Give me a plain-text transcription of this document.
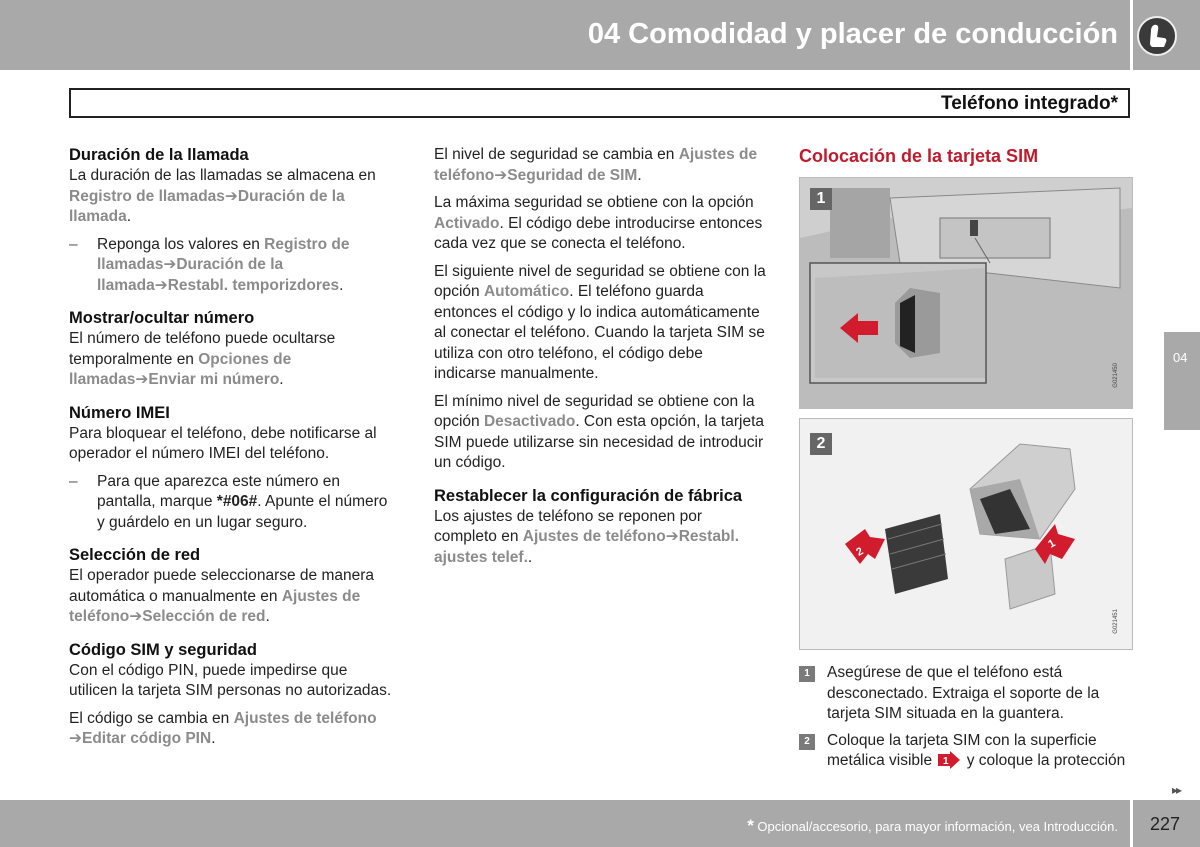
04 Comodidad y placer de conducción
Teléfono integrado*
Duración de la llamada

La duración de las llamadas se almacena en Registro de llamadas➔Duración de la llamada.

–	Reponga los valores en Registro de llamadas➔Duración de la llamada➔Restabl. temporizdores.
Mostrar/ocultar número

El número de teléfono puede ocultarse temporalmente en Opciones de llamadas➔Enviar mi número.

Número IMEI

Para bloquear el teléfono, debe notificarse al operador el número IMEI del teléfono.

–	Para que aparezca este número en pantalla, marque *#06#. Apunte el número y guárdelo en un lugar seguro.
Selección de red

El operador puede seleccionarse de manera automática o manualmente en Ajustes de teléfono➔Selección de red.

Código SIM y seguridad

Con el código PIN, puede impedirse que utilicen la tarjeta SIM personas no autorizadas.

El código se cambia en Ajustes de teléfono
➔Editar código PIN.

El nivel de seguridad se cambia en Ajustes de teléfono➔Seguridad de SIM.

La máxima seguridad se obtiene con la opción Activado. El código debe introducirse entonces cada vez que se conecta el teléfono.

El siguiente nivel de seguridad se obtiene con la opción Automático. El teléfono guarda entonces el código y lo indica automáticamente al conectar el teléfono. Cuando la tarjeta SIM se utiliza con otro teléfono, el código debe indicarse manualmente.

El mínimo nivel de seguridad se obtiene con la opción Desactivado. Con esta opción, la tarjeta SIM puede utilizarse sin necesidad de introducir un código.

Restablecer la configuración de fábrica

Los ajustes de teléfono se reponen por completo en Ajustes de teléfono➔Restabl. ajustes telef..

Colocación de la tarjeta SIM
1
G021450
2
1
2
G021451
1	Asegúrese de que el teléfono está desconectado. Extraiga el soporte de la tarjeta SIM situada en la guantera.
2	Coloque la tarjeta SIM con la superficie metálica visible 1 y coloque la protección
04
▸▸
* Opcional/accesorio, para mayor información, vea Introducción. 227
